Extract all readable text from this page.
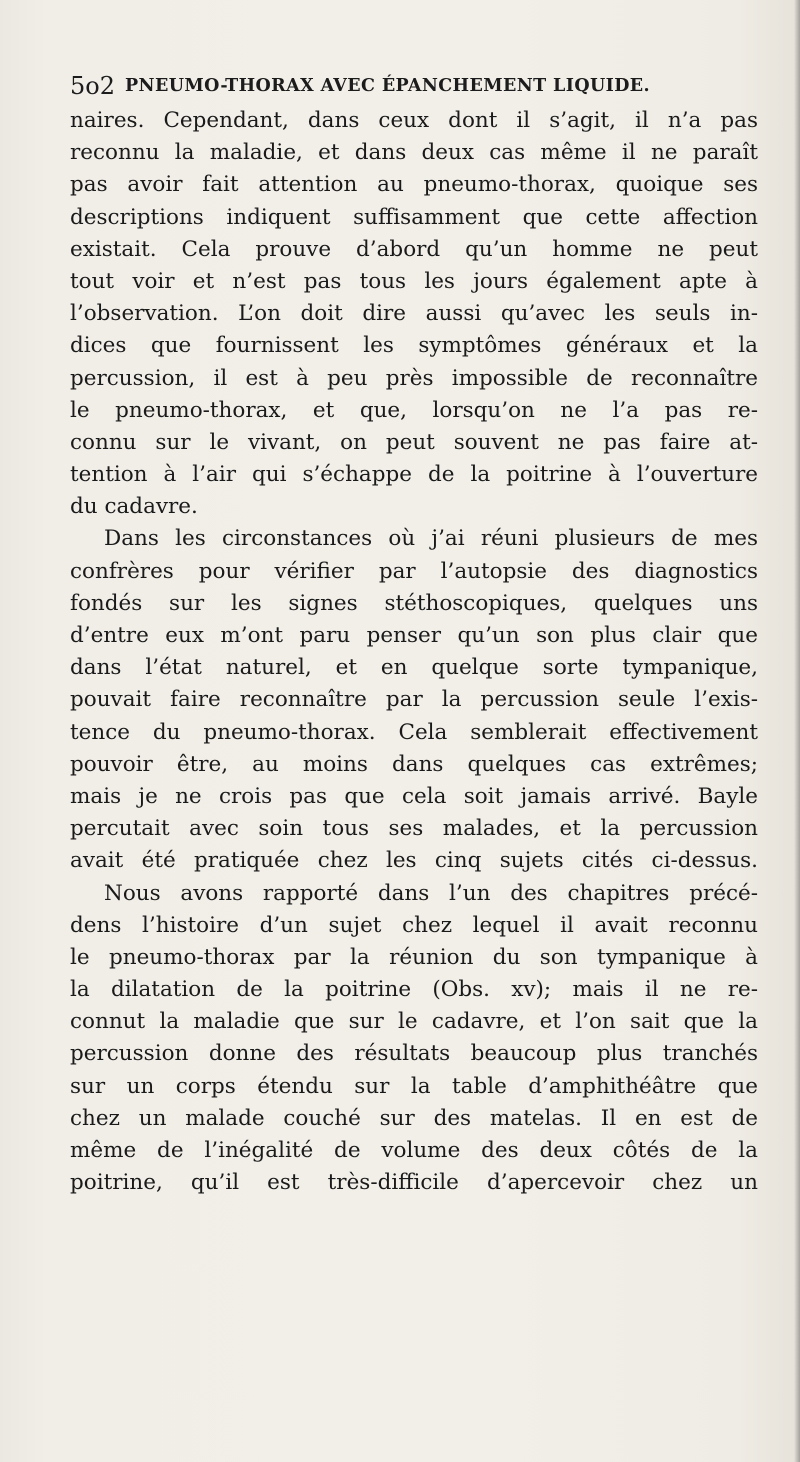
5o2 PNEUMO-THORAX AVEC ÉPANCHEMENT LIQUIDE.
naires. Cependant, dans ceux dont il s’agit, il n’a pas
reconnu la maladie, et dans deux cas même il ne paraît
pas avoir fait attention au pneumo-thorax, quoique ses
descriptions indiquent suffisamment que cette affection
existait. Cela prouve d’abord qu’un homme ne peut
tout voir et n’est pas tous les jours également apte à
l’observation. L’on doit dire aussi qu’avec les seuls in-
dices que fournissent les symptômes généraux et la
percussion, il est à peu près impossible de reconnaître
le pneumo-thorax, et que, lorsqu’on ne l’a pas re-
connu sur le vivant, on peut souvent ne pas faire at-
tention à l’air qui s’échappe de la poitrine à l’ouverture
du cadavre.
Dans les circonstances où j’ai réuni plusieurs de mes
confrères pour vérifier par l’autopsie des diagnostics
fondés sur les signes stéthoscopiques, quelques uns
d’entre eux m’ont paru penser qu’un son plus clair que
dans l’état naturel, et en quelque sorte tympanique,
pouvait faire reconnaître par la percussion seule l’exis-
tence du pneumo-thorax. Cela semblerait effectivement
pouvoir être, au moins dans quelques cas extrêmes;
mais je ne crois pas que cela soit jamais arrivé. Bayle
percutait avec soin tous ses malades, et la percussion
avait été pratiquée chez les cinq sujets cités ci-dessus.
Nous avons rapporté dans l’un des chapitres précé-
dens l’histoire d’un sujet chez lequel il avait reconnu
le pneumo-thorax par la réunion du son tympanique à
la dilatation de la poitrine (Obs. xv); mais il ne re-
connut la maladie que sur le cadavre, et l’on sait que la
percussion donne des résultats beaucoup plus tranchés
sur un corps étendu sur la table d’amphithéâtre que
chez un malade couché sur des matelas. Il en est de
même de l’inégalité de volume des deux côtés de la
poitrine, qu’il est très-difficile d’apercevoir chez un
